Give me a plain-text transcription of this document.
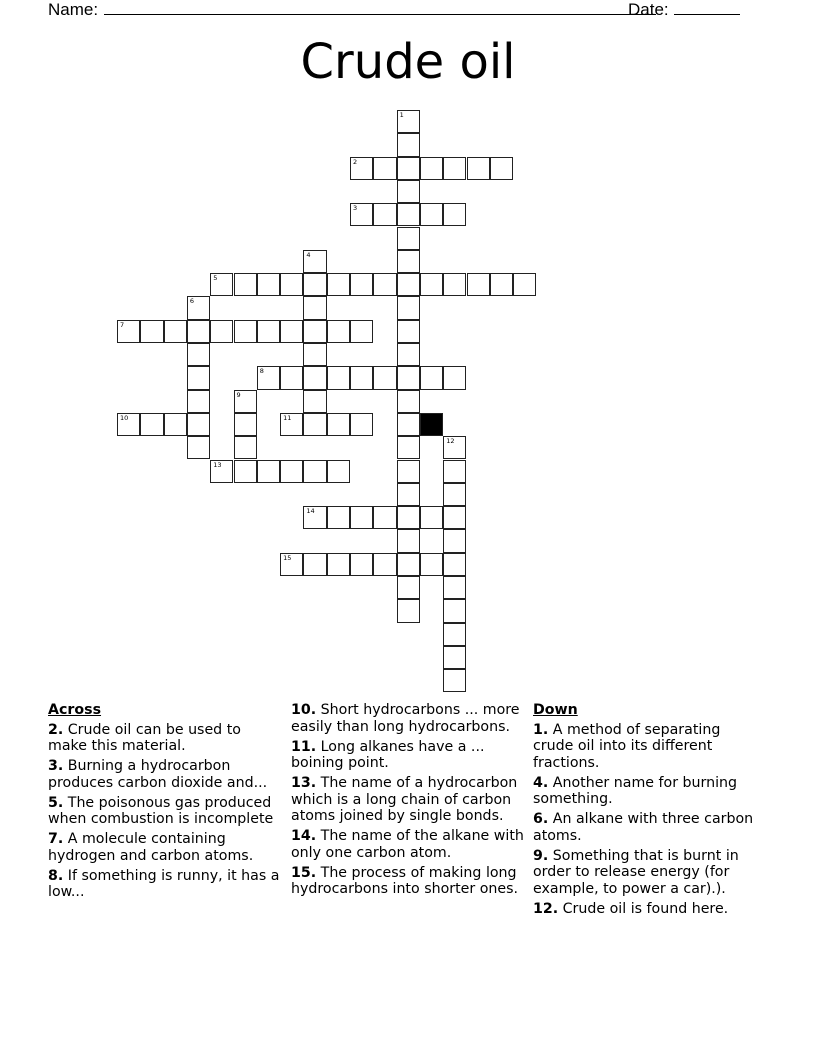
Name:	Date:
Crude oil
1
2
3
4
5
6
7
8
9
10	11
12
13
14
15
Across
2. Crude oil can be used to make this material.
3. Burning a hydrocarbon produces carbon dioxide and...
5. The poisonous gas produced when combustion is incomplete
7. A molecule containing hydrogen and carbon atoms.
8. If something is runny, it has a low...
10. Short hydrocarbons ... more easily than long hydrocarbons.
11. Long alkanes have a ... boining point.
13. The name of a hydrocarbon which is a long chain of carbon atoms joined by single bonds.
14. The name of the alkane with only one carbon atom.
15. The process of making long hydrocarbons into shorter ones.
Down
1. A method of separating crude oil into its different fractions.
4. Another name for burning something.
6. An alkane with three carbon atoms.
9. Something that is burnt in order to release energy (for example, to power a car).).
12. Crude oil is found here.
